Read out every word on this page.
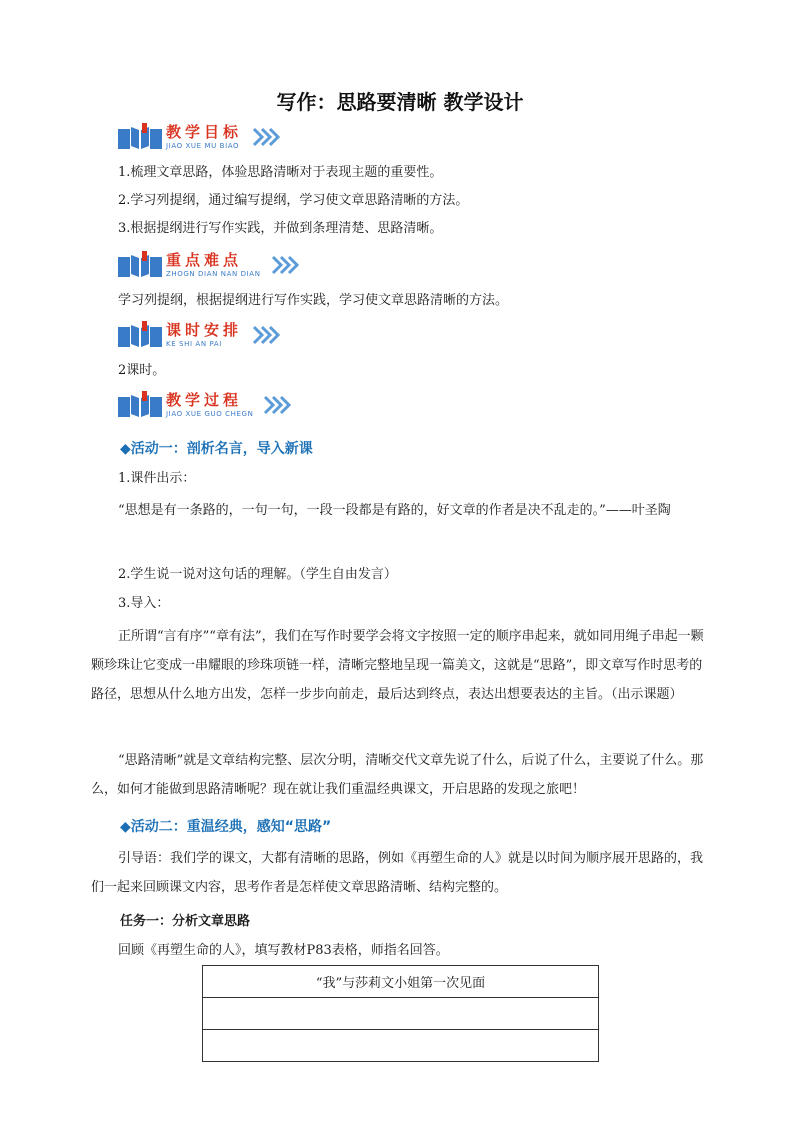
写作：思路要清晰 教学设计
教学目标
JIAO XUE MU BIAO
1.梳理文章思路，体验思路清晰对于表现主题的重要性。
2.学习列提纲，通过编写提纲，学习使文章思路清晰的方法。
3.根据提纲进行写作实践，并做到条理清楚、思路清晰。
重点难点
ZHOGN DIAN NAN DIAN
学习列提纲，根据提纲进行写作实践，学习使文章思路清晰的方法。
课时安排
KE SHI AN PAI
2课时。
教学过程
JIAO XUE GUO CHEGN
◆活动一：剖析名言，导入新课
1.课件出示：
“思想是有一条路的，一句一句，一段一段都是有路的，好文章的作者是决不乱走的。”——叶圣陶
2.学生说一说对这句话的理解。（学生自由发言）
3.导入：
正所谓“言有序”“章有法”，我们在写作时要学会将文字按照一定的顺序串起来，就如同用绳子串起一颗颗珍珠让它变成一串耀眼的珍珠项链一样，清晰完整地呈现一篇美文，这就是“思路”，即文章写作时思考的路径，思想从什么地方出发，怎样一步步向前走，最后达到终点，表达出想要表达的主旨。（出示课题）
“思路清晰”就是文章结构完整、层次分明，清晰交代文章先说了什么，后说了什么，主要说了什么。那么，如何才能做到思路清晰呢？现在就让我们重温经典课文，开启思路的发现之旅吧！
◆活动二：重温经典，感知“思路”
引导语：我们学的课文，大都有清晰的思路，例如《再塑生命的人》就是以时间为顺序展开思路的，我们一起来回顾课文内容，思考作者是怎样使文章思路清晰、结构完整的。
任务一：分析文章思路
回顾《再塑生命的人》，填写教材P83表格，师指名回答。
“我”与莎莉文小姐第一次见面
